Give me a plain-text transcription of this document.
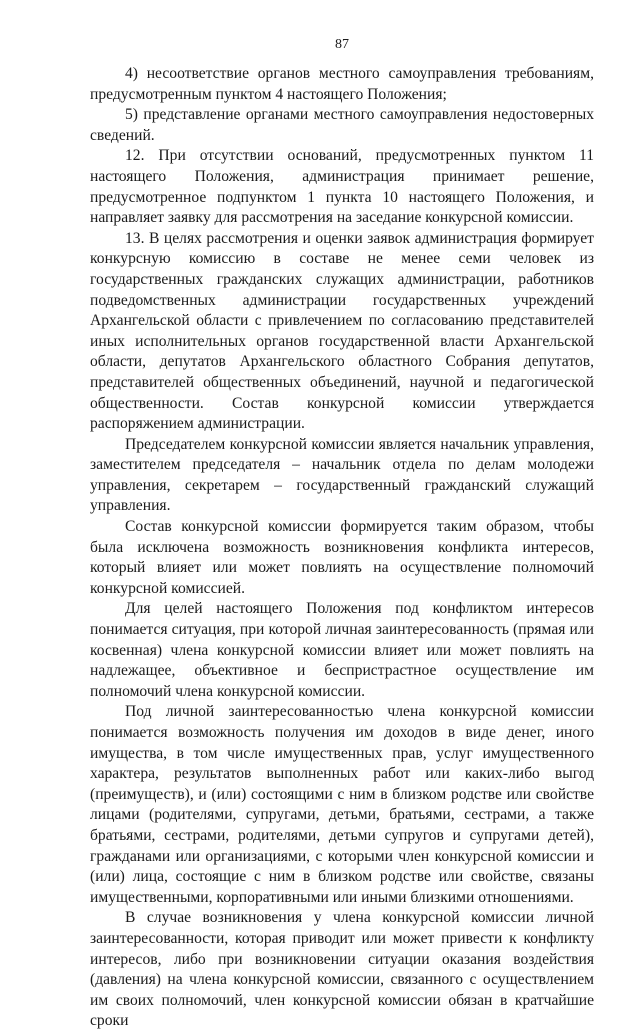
87

4) несоответствие органов местного самоуправления требованиям, предусмотренным пунктом 4 настоящего Положения;

5) представление органами местного самоуправления недостоверных сведений.

12. При отсутствии оснований, предусмотренных пунктом 11 настоящего Положения, администрация принимает решение, предусмотренное подпунктом 1 пункта 10 настоящего Положения, и направляет заявку для рассмотрения на заседание конкурсной комиссии.

13. В целях рассмотрения и оценки заявок администрация формирует конкурсную комиссию в составе не менее семи человек из государственных гражданских служащих администрации, работников подведомственных администрации государственных учреждений Архангельской области с привлечением по согласованию представителей иных исполнительных органов государственной власти Архангельской области, депутатов Архангельского областного Собрания депутатов, представителей общественных объединений, научной и педагогической общественности. Состав конкурсной комиссии утверждается распоряжением администрации.

Председателем конкурсной комиссии является начальник управления, заместителем председателя – начальник отдела по делам молодежи управления, секретарем – государственный гражданский служащий управления.

Состав конкурсной комиссии формируется таким образом, чтобы была исключена возможность возникновения конфликта интересов, который влияет или может повлиять на осуществление полномочий конкурсной комиссией.

Для целей настоящего Положения под конфликтом интересов понимается ситуация, при которой личная заинтересованность (прямая или косвенная) члена конкурсной комиссии влияет или может повлиять на надлежащее, объективное и беспристрастное осуществление им полномочий члена конкурсной комиссии.

Под личной заинтересованностью члена конкурсной комиссии понимается возможность получения им доходов в виде денег, иного имущества, в том числе имущественных прав, услуг имущественного характера, результатов выполненных работ или каких-либо выгод (преимуществ), и (или) состоящими с ним в близком родстве или свойстве лицами (родителями, супругами, детьми, братьями, сестрами, а также братьями, сестрами, родителями, детьми супругов и супругами детей), гражданами или организациями, с которыми член конкурсной комиссии и (или) лица, состоящие с ним в близком родстве или свойстве, связаны имущественными, корпоративными или иными близкими отношениями.

В случае возникновения у члена конкурсной комиссии личной заинтересованности, которая приводит или может привести к конфликту интересов, либо при возникновении ситуации оказания воздействия (давления) на члена конкурсной комиссии, связанного с осуществлением им своих полномочий, член конкурсной комиссии обязан в кратчайшие сроки
